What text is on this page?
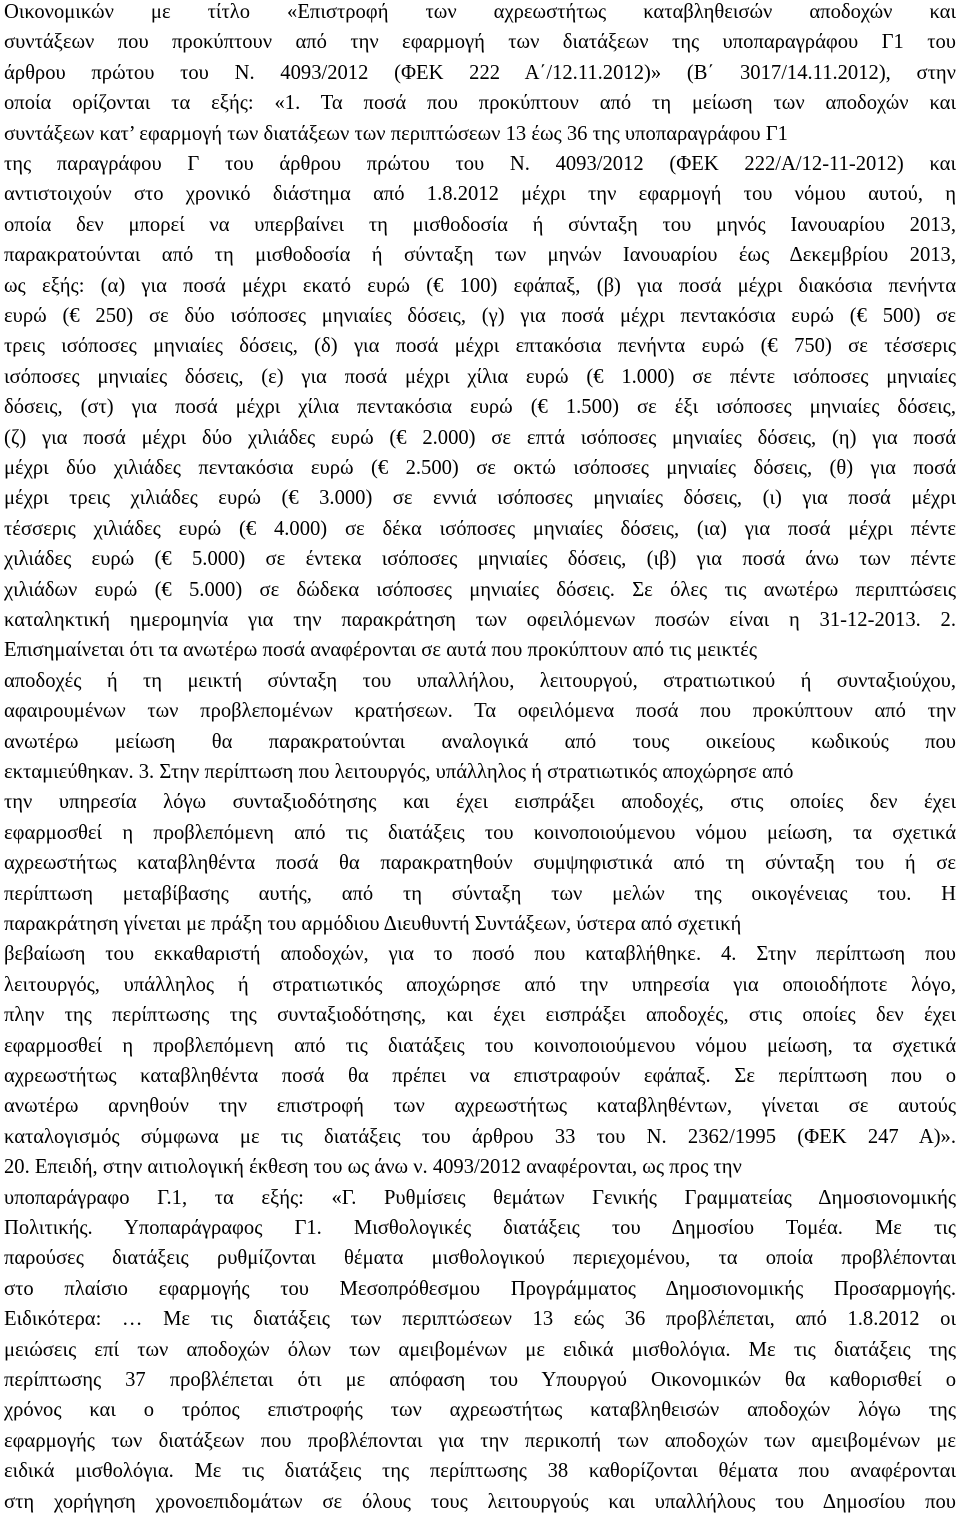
Οικονομικών με τίτλο «Επιστροφή των αχρεωστήτως καταβληθεισών αποδοχών και
συντάξεων που προκύπτουν από την εφαρμογή των διατάξεων της υποπαραγράφου Γ1 του
άρθρου πρώτου του Ν. 4093/2012 (ΦΕΚ 222 Α΄/12.11.2012)» (Β΄ 3017/14.11.2012), στην
οποία ορίζονται τα εξής: «1. Τα ποσά που προκύπτουν από τη μείωση των αποδοχών και
συντάξεων κατ’ εφαρμογή των διατάξεων των περιπτώσεων 13 έως 36 της υποπαραγράφου Γ1
της παραγράφου Γ του άρθρου πρώτου του Ν. 4093/2012 (ΦΕΚ 222/Α/12-11-2012) και
αντιστοιχούν στο χρονικό διάστημα από 1.8.2012 μέχρι την εφαρμογή του νόμου αυτού, η
οποία δεν μπορεί να υπερβαίνει τη μισθοδοσία ή σύνταξη του μηνός Ιανουαρίου 2013,
παρακρατούνται από τη μισθοδοσία ή σύνταξη των μηνών Ιανουαρίου έως Δεκεμβρίου 2013,
ως εξής: (α) για ποσά μέχρι εκατό ευρώ (€ 100) εφάπαξ, (β) για ποσά μέχρι διακόσια πενήντα
ευρώ (€ 250) σε δύο ισόποσες μηνιαίες δόσεις, (γ) για ποσά μέχρι πεντακόσια ευρώ (€ 500) σε
τρεις ισόποσες μηνιαίες δόσεις, (δ) για ποσά μέχρι επτακόσια πενήντα ευρώ (€ 750) σε τέσσερις
ισόποσες μηνιαίες δόσεις, (ε) για ποσά μέχρι χίλια ευρώ (€ 1.000) σε πέντε ισόποσες μηνιαίες
δόσεις, (στ) για ποσά μέχρι χίλια πεντακόσια ευρώ (€ 1.500) σε έξι ισόποσες μηνιαίες δόσεις,
(ζ) για ποσά μέχρι δύο χιλιάδες ευρώ (€ 2.000) σε επτά ισόποσες μηνιαίες δόσεις, (η) για ποσά
μέχρι δύο χιλιάδες πεντακόσια ευρώ (€ 2.500) σε οκτώ ισόποσες μηνιαίες δόσεις, (θ) για ποσά
μέχρι τρεις χιλιάδες ευρώ (€ 3.000) σε εννιά ισόποσες μηνιαίες δόσεις, (ι) για ποσά μέχρι
τέσσερις χιλιάδες ευρώ (€ 4.000) σε δέκα ισόποσες μηνιαίες δόσεις, (ια) για ποσά μέχρι πέντε
χιλιάδες ευρώ (€ 5.000) σε έντεκα ισόποσες μηνιαίες δόσεις, (ιβ) για ποσά άνω των πέντε
χιλιάδων ευρώ (€ 5.000) σε δώδεκα ισόποσες μηνιαίες δόσεις. Σε όλες τις ανωτέρω περιπτώσεις
καταληκτική ημερομηνία για την παρακράτηση των οφειλόμενων ποσών είναι η 31-12-2013. 2.
Επισημαίνεται ότι τα ανωτέρω ποσά αναφέρονται σε αυτά που προκύπτουν από τις μεικτές
αποδοχές ή τη μεικτή σύνταξη του υπαλλήλου, λειτουργού, στρατιωτικού ή συνταξιούχου,
αφαιρουμένων των προβλεπομένων κρατήσεων. Τα οφειλόμενα ποσά που προκύπτουν από την
ανωτέρω μείωση θα παρακρατούνται αναλογικά από τους οικείους κωδικούς που
εκταμιεύθηκαν. 3. Στην περίπτωση που λειτουργός, υπάλληλος ή στρατιωτικός αποχώρησε από
την υπηρεσία λόγω συνταξιοδότησης και έχει εισπράξει αποδοχές, στις οποίες δεν έχει
εφαρμοσθεί η προβλεπόμενη από τις διατάξεις του κοινοποιούμενου νόμου μείωση, τα σχετικά
αχρεωστήτως καταβληθέντα ποσά θα παρακρατηθούν συμψηφιστικά από τη σύνταξη του ή σε
περίπτωση μεταβίβασης αυτής, από τη σύνταξη των μελών της οικογένειας του. Η
παρακράτηση γίνεται με πράξη του αρμόδιου Διευθυντή Συντάξεων, ύστερα από σχετική
βεβαίωση του εκκαθαριστή αποδοχών, για το ποσό που καταβλήθηκε. 4. Στην περίπτωση που
λειτουργός, υπάλληλος ή στρατιωτικός αποχώρησε από την υπηρεσία για οποιοδήποτε λόγο,
πλην της περίπτωσης της συνταξιοδότησης, και έχει εισπράξει αποδοχές, στις οποίες δεν έχει
εφαρμοσθεί η προβλεπόμενη από τις διατάξεις του κοινοποιούμενου νόμου μείωση, τα σχετικά
αχρεωστήτως καταβληθέντα ποσά θα πρέπει να επιστραφούν εφάπαξ. Σε περίπτωση που ο
ανωτέρω αρνηθούν την επιστροφή των αχρεωστήτως καταβληθέντων, γίνεται σε αυτούς
καταλογισμός σύμφωνα με τις διατάξεις του άρθρου 33 του Ν. 2362/1995 (ΦΕΚ 247 Α)».
20. Επειδή, στην αιτιολογική έκθεση του ως άνω ν. 4093/2012 αναφέρονται, ως προς την
υποπαράγραφο Γ.1, τα εξής: «Γ. Ρυθμίσεις θεμάτων Γενικής Γραμματείας Δημοσιονομικής
Πολιτικής. Υποπαράγραφος Γ1. Μισθολογικές διατάξεις του Δημοσίου Τομέα. Με τις
παρούσες διατάξεις ρυθμίζονται θέματα μισθολογικού περιεχομένου, τα οποία προβλέπονται
στο πλαίσιο εφαρμογής του Μεσοπρόθεσμου Προγράμματος Δημοσιονομικής Προσαρμογής.
Ειδικότερα: … Με τις διατάξεις των περιπτώσεων 13 εώς 36 προβλέπεται, από 1.8.2012 οι
μειώσεις επί των αποδοχών όλων των αμειβομένων με ειδικά μισθολόγια. Με τις διατάξεις της
περίπτωσης 37 προβλέπεται ότι με απόφαση του Υπουργού Οικονομικών θα καθορισθεί ο
χρόνος και ο τρόπος επιστροφής των αχρεωστήτως καταβληθεισών αποδοχών λόγω της
εφαρμογής των διατάξεων που προβλέπονται για την περικοπή των αποδοχών των αμειβομένων με
ειδικά μισθολόγια. Με τις διατάξεις της περίπτωσης 38 καθορίζονται θέματα που αναφέρονται
στη χορήγηση χρονοεπιδομάτων σε όλους τους λειτουργούς και υπαλλήλους του Δημοσίου που
